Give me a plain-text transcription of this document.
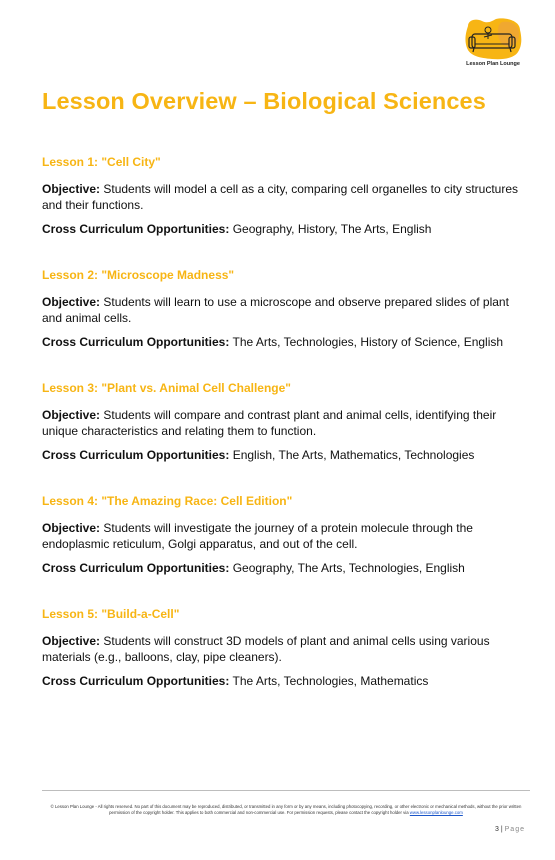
Lesson Plan Lounge
Lesson Overview – Biological Sciences
Lesson 1: "Cell City"
Objective: Students will model a cell as a city, comparing cell organelles to city structures and their functions.
Cross Curriculum Opportunities: Geography, History, The Arts, English
Lesson 2: "Microscope Madness"
Objective: Students will learn to use a microscope and observe prepared slides of plant and animal cells.
Cross Curriculum Opportunities: The Arts, Technologies, History of Science, English
Lesson 3: "Plant vs. Animal Cell Challenge"
Objective: Students will compare and contrast plant and animal cells, identifying their unique characteristics and relating them to function.
Cross Curriculum Opportunities: English, The Arts, Mathematics, Technologies
Lesson 4: "The Amazing Race: Cell Edition"
Objective: Students will investigate the journey of a protein molecule through the endoplasmic reticulum, Golgi apparatus, and out of the cell.
Cross Curriculum Opportunities: Geography, The Arts, Technologies, English
Lesson 5: "Build-a-Cell"
Objective: Students will construct 3D models of plant and animal cells using various materials (e.g., balloons, clay, pipe cleaners).
Cross Curriculum Opportunities: The Arts, Technologies, Mathematics
© Lesson Plan Lounge - All rights reserved. No part of this document may be reproduced, distributed, or transmitted in any form or by any means, including photocopying, recording, or other electronic or mechanical methods, without the prior written permission of the copyright holder. This applies to both commercial and non-commercial use. For permission requests, please contact the copyright holder via www.lessonplanlounge.com
3 | Page
